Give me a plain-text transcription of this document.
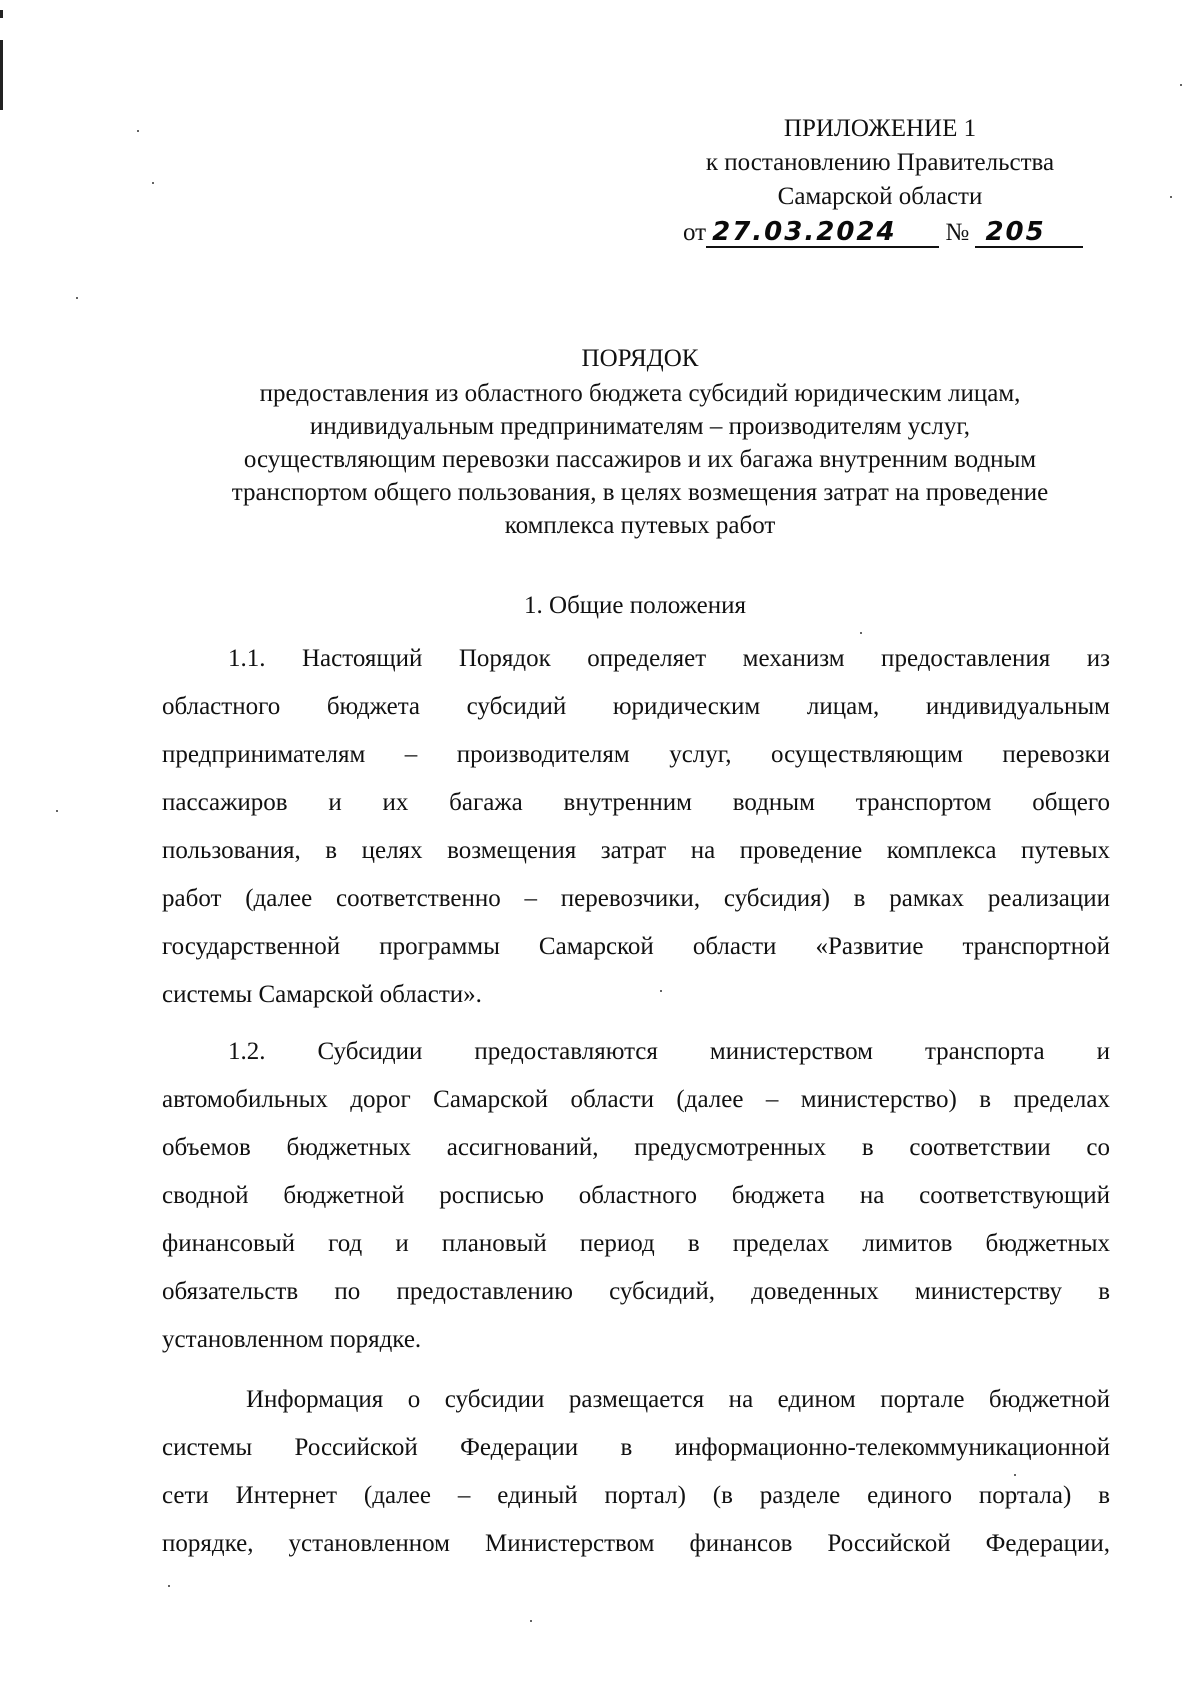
ПРИЛОЖЕНИЕ 1
к постановлению Правительства
Самарской области
от 27.03.2024 № 205
ПОРЯДОК
предоставления из областного бюджета субсидий юридическим лицам,
индивидуальным предпринимателям – производителям услуг,
осуществляющим перевозки пассажиров и их багажа внутренним водным
транспортом общего пользования, в целях возмещения затрат на проведение
комплекса путевых работ
1. Общие положения
1.1. Настоящий Порядок определяет механизм предоставления из
областного бюджета субсидий юридическим лицам, индивидуальным
предпринимателям – производителям услуг, осуществляющим перевозки
пассажиров и их багажа внутренним водным транспортом общего
пользования, в целях возмещения затрат на проведение комплекса путевых
работ (далее соответственно – перевозчики, субсидия) в рамках реализации
государственной программы Самарской области «Развитие транспортной
системы Самарской области».
1.2. Субсидии предоставляются министерством транспорта и
автомобильных дорог Самарской области (далее – министерство) в пределах
объемов бюджетных ассигнований, предусмотренных в соответствии со
сводной бюджетной росписью областного бюджета на соответствующий
финансовый год и плановый период в пределах лимитов бюджетных
обязательств по предоставлению субсидий, доведенных министерству в
установленном порядке.
Информация о субсидии размещается на едином портале бюджетной
системы Российской Федерации в информационно-телекоммуникационной
сети Интернет (далее – единый портал) (в разделе единого портала) в
порядке, установленном Министерством финансов Российской Федерации,
